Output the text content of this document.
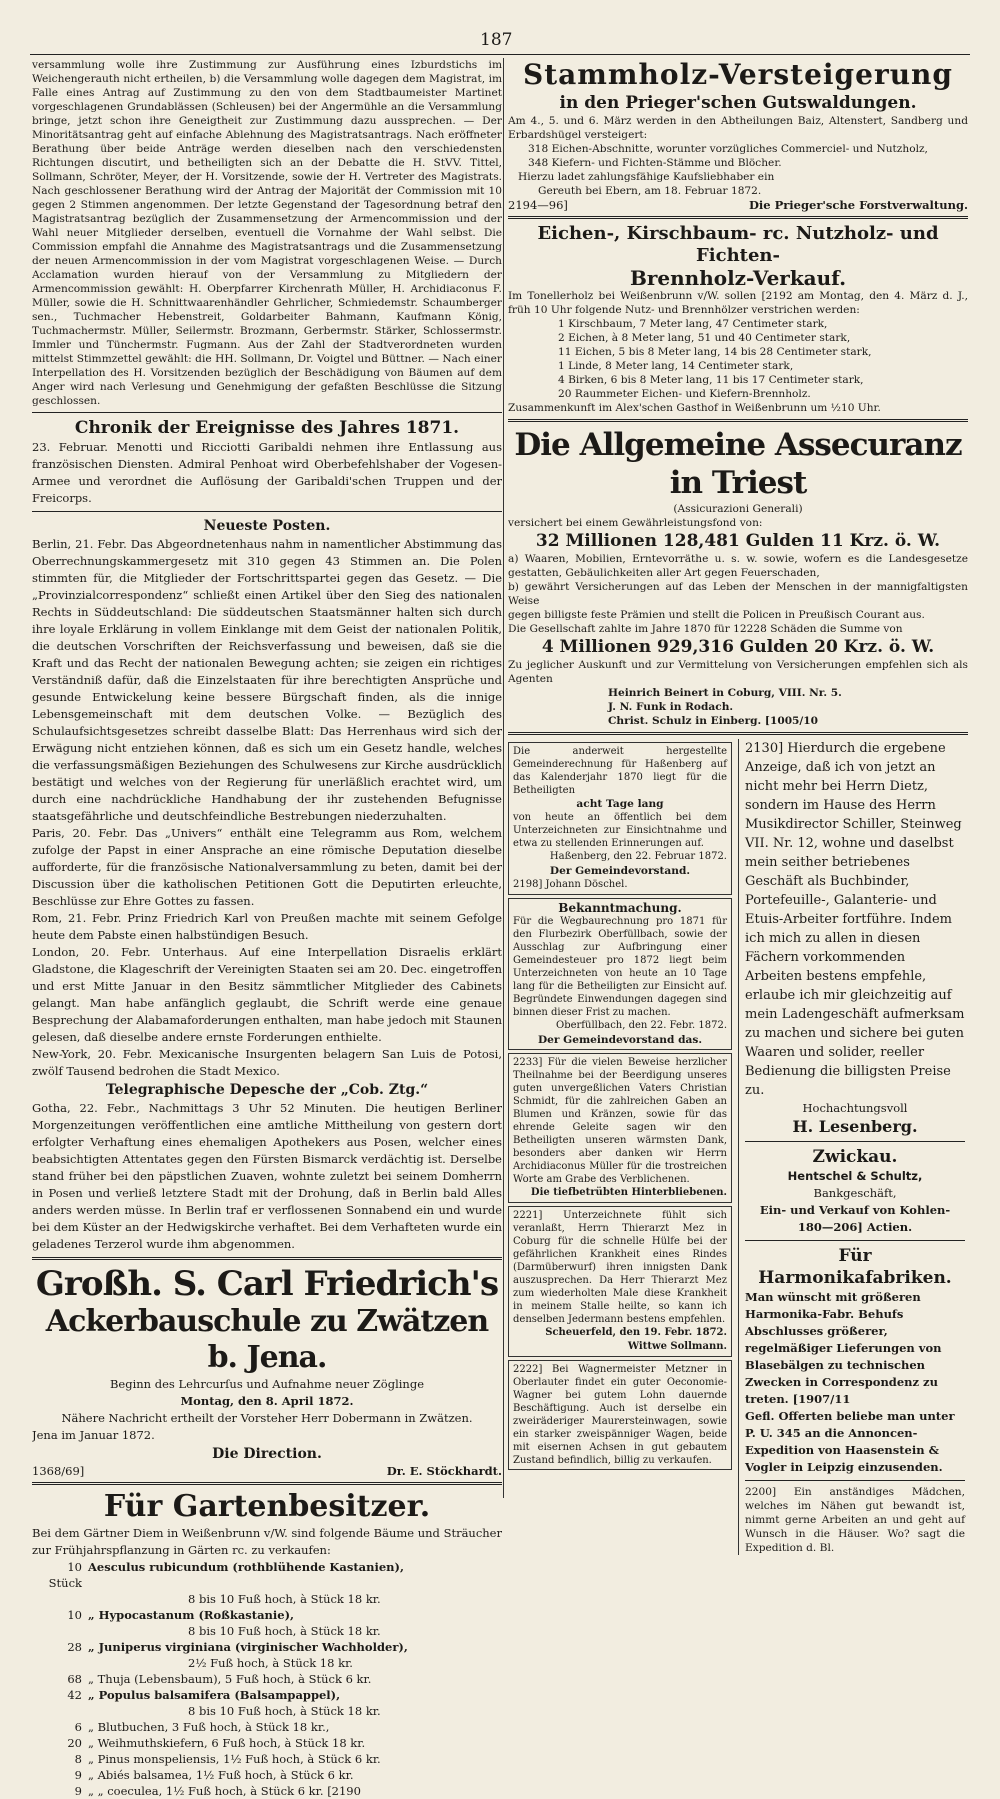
187

versammlung wolle ihre Zustimmung zur Ausführung eines Izburdstichs im Weichengerauth nicht ertheilen, b) die Versammlung wolle dagegen dem Magistrat, im Falle eines Antrag auf Zustimmung zu den von dem Stadtbaumeister Martinet vorgeschlagenen Grundablässen (Schleusen) bei der Angermühle an die Versammlung bringe, jetzt schon ihre Geneigtheit zur Zustimmung dazu aussprechen. — Der Minoritätsantrag geht auf einfache Ablehnung des Magistratsantrags. Nach eröffneter Berathung über beide Anträge werden dieselben nach den verschiedensten Richtungen discutirt, und betheiligten sich an der Debatte die H. StVV. Tittel, Sollmann, Schröter, Meyer, der H. Vorsitzende, sowie der H. Vertreter des Magistrats. Nach geschlossener Berathung wird der Antrag der Majorität der Commission mit 10 gegen 2 Stimmen angenommen. Der letzte Gegenstand der Tagesordnung betraf den Magistratsantrag bezüglich der Zusammensetzung der Armencommission und der Wahl neuer Mitglieder derselben, eventuell die Vornahme der Wahl selbst. Die Commission empfahl die Annahme des Magistratsantrags und die Zusammensetzung der neuen Armencommission in der vom Magistrat vorgeschlagenen Weise. — Durch Acclamation wurden hierauf von der Versammlung zu Mitgliedern der Armencommission gewählt: H. Oberpfarrer Kirchenrath Müller, H. Archidiaconus F. Müller, sowie die H. Schnittwaarenhändler Gehrlicher, Schmiedemstr. Schaumberger sen., Tuchmacher Hebenstreit, Goldarbeiter Bahmann, Kaufmann König, Tuchmachermstr. Müller, Seilermstr. Brozmann, Gerbermstr. Stärker, Schlossermstr. Immler und Tünchermstr. Fugmann. Aus der Zahl der Stadtverordneten wurden mittelst Stimmzettel gewählt: die HH. Sollmann, Dr. Voigtel und Büttner. — Nach einer Interpellation des H. Vorsitzenden bezüglich der Beschädigung von Bäumen auf dem Anger wird nach Verlesung und Genehmigung der gefaßten Beschlüsse die Sitzung geschlossen.

Chronik der Ereignisse des Jahres 1871.

23. Februar. Menotti und Ricciotti Garibaldi nehmen ihre Entlassung aus französischen Diensten. Admiral Penhoat wird Oberbefehlshaber der Vogesen-Armee und verordnet die Auflösung der Garibaldi'schen Truppen und der Freicorps.

Neueste Posten.

Berlin, 21. Febr. Das Abgeordnetenhaus nahm in namentlicher Abstimmung das Oberrechnungskammergesetz mit 310 gegen 43 Stimmen an. Die Polen stimmten für, die Mitglieder der Fortschrittspartei gegen das Gesetz. — Die „Provinzialcorrespondenz“ schließt einen Artikel über den Sieg des nationalen Rechts in Süddeutschland: Die süddeutschen Staatsmänner halten sich durch ihre loyale Erklärung in vollem Einklange mit dem Geist der nationalen Politik, die deutschen Vorschriften der Reichsverfassung und beweisen, daß sie die Kraft und das Recht der nationalen Bewegung achten; sie zeigen ein richtiges Verständniß dafür, daß die Einzelstaaten für ihre berechtigten Ansprüche und gesunde Entwickelung keine bessere Bürgschaft finden, als die innige Lebensgemeinschaft mit dem deutschen Volke. — Bezüglich des Schulaufsichtsgesetzes schreibt dasselbe Blatt: Das Herrenhaus wird sich der Erwägung nicht entziehen können, daß es sich um ein Gesetz handle, welches die verfassungsmäßigen Beziehungen des Schulwesens zur Kirche ausdrücklich bestätigt und welches von der Regierung für unerläßlich erachtet wird, um durch eine nachdrückliche Handhabung der ihr zustehenden Befugnisse staatsgefährliche und deutschfeindliche Bestrebungen niederzuhalten.

Paris, 20. Febr. Das „Univers“ enthält eine Telegramm aus Rom, welchem zufolge der Papst in einer Ansprache an eine römische Deputation dieselbe aufforderte, für die französische Nationalversammlung zu beten, damit bei der Discussion über die katholischen Petitionen Gott die Deputirten erleuchte, Beschlüsse zur Ehre Gottes zu fassen.

Rom, 21. Febr. Prinz Friedrich Karl von Preußen machte mit seinem Gefolge heute dem Pabste einen halbstündigen Besuch.

London, 20. Febr. Unterhaus. Auf eine Interpellation Disraelis erklärt Gladstone, die Klageschrift der Vereinigten Staaten sei am 20. Dec. eingetroffen und erst Mitte Januar in den Besitz sämmtlicher Mitglieder des Cabinets gelangt. Man habe anfänglich geglaubt, die Schrift werde eine genaue Besprechung der Alabamaforderungen enthalten, man habe jedoch mit Staunen gelesen, daß dieselbe andere ernste Forderungen enthielte.

New-York, 20. Febr. Mexicanische Insurgenten belagern San Luis de Potosi, zwölf Tausend bedrohen die Stadt Mexico.

Telegraphische Depesche der „Cob. Ztg.“

Gotha, 22. Febr., Nachmittags 3 Uhr 52 Minuten. Die heutigen Berliner Morgenzeitungen veröffentlichen eine amtliche Mittheilung von gestern dort erfolgter Verhaftung eines ehemaligen Apothekers aus Posen, welcher eines beabsichtigten Attentates gegen den Fürsten Bismarck verdächtig ist. Derselbe stand früher bei den päpstlichen Zuaven, wohnte zuletzt bei seinem Domherrn in Posen und verließ letztere Stadt mit der Drohung, daß in Berlin bald Alles anders werden müsse. In Berlin traf er verflossenen Sonnabend ein und wurde bei dem Küster an der Hedwigskirche verhaftet. Bei dem Verhafteten wurde ein geladenes Terzerol wurde ihm abgenommen.

Großh. S. Carl Friedrich's
Ackerbauschule zu Zwätzen b. Jena.

Beginn des Lehrcurſus und Aufnahme neuer Zöglinge

Montag, den 8. April 1872.

Nähere Nachricht ertheilt der Vorsteher Herr Dobermann in Zwätzen.

Jena im Januar 1872.

Die Direction.

1368/69]	Dr. E. Stöckhardt.
Für Gartenbesitzer.

Bei dem Gärtner Diem in Weißenbrunn v/W. sind folgende Bäume und Sträucher zur Frühjahrspflanzung in Gärten rc. zu verkaufen:

10 Stück
Aesculus rubicundum (rothblühende Kastanien),
8 bis 10 Fuß hoch, à Stück 18 kr.
10 „ Hypocastanum (Roßkastanie),
8 bis 10 Fuß hoch, à Stück 18 kr.
28 „ Juniperus virginiana (virginischer Wachholder),
2½ Fuß hoch, à Stück 18 kr.
68 „ Thuja (Lebensbaum), 5 Fuß hoch, à Stück 6 kr.
42 „ Populus balsamifera (Balsampappel),
8 bis 10 Fuß hoch, à Stück 18 kr.
6 „ Blutbuchen, 3 Fuß hoch, à Stück 18 kr.,
20 „ Weihmuthskiefern, 6 Fuß hoch, à Stück 18 kr.
8 „ Pinus monspeliensis, 1½ Fuß hoch, à Stück 6 kr.
9 „ Abiés balsamea, 1½ Fuß hoch, à Stück 6 kr.
9 „ „ coeculea, 1½ Fuß hoch, à Stück 6 kr. [2190
Stammholz-Versteigerung
in den Prieger'schen Gutswaldungen.

Am 4., 5. und 6. März werden in den Abtheilungen Baiz, Altenstert, Sandberg und Erbardshügel versteigert:

318 Eichen-Abschnitte, worunter vorzügliches Commerciel- und Nutzholz,

348 Kiefern- und Fichten-Stämme und Blöcher.

Hierzu ladet zahlungsfähige Kaufsliebhaber ein

Gereuth bei Ebern, am 18. Februar 1872.

2194—96]	Die Prieger'sche Forstverwaltung.
Eichen-, Kirschbaum- rc. Nutzholz- und Fichten-
Brennholz-Verkauf.

Im Tonellerholz bei Weißenbrunn v/W. sollen [2192 am Montag, den 4. März d. J., früh 10 Uhr folgende Nutz- und Brennhölzer verstrichen werden:

1 Kirschbaum, 7 Meter lang, 47 Centimeter stark,

2 Eichen, à 8 Meter lang, 51 und 40 Centimeter stark,

11 Eichen, 5 bis 8 Meter lang, 14 bis 28 Centimeter stark,

1 Linde, 8 Meter lang, 14 Centimeter stark,

4 Birken, 6 bis 8 Meter lang, 11 bis 17 Centimeter stark,

20 Raummeter Eichen- und Kiefern-Brennholz.

Zusammenkunft im Alex'schen Gasthof in Weißenbrunn um ½10 Uhr.

Die Allgemeine Assecuranz in Triest

(Assicurazioni Generali)

versichert bei einem Gewährleistungsfond von:

32 Millionen 128,481 Gulden 11 Krz. ö. W.

a) Waaren, Mobilien, Erntevorräthe u. s. w. sowie, wofern es die Landesgesetze gestatten, Gebäulichkeiten aller Art gegen Feuerschaden,

b) gewährt Versicherungen auf das Leben der Menschen in der mannigfaltigsten Weise

gegen billigste feste Prämien und stellt die Policen in Preußisch Courant aus.

Die Gesellschaft zahlte im Jahre 1870 für 12228 Schäden die Summe von

4 Millionen 929,316 Gulden 20 Krz. ö. W.

Zu jeglicher Auskunft und zur Vermittelung von Versicherungen empfehlen sich als Agenten

Heinrich Beinert in Coburg, VIII. Nr. 5.

J. N. Funk in Rodach.

Christ. Schulz in Einberg. [1005/10

Die anderweit hergestellte Gemeinderechnung für Haßenberg auf das Kalenderjahr 1870 liegt für die Betheiligten

acht Tage lang

von heute an öffentlich bei dem Unterzeichneten zur Einsichtnahme und etwa zu stellenden Erinnerungen auf.

Haßenberg, den 22. Februar 1872.

Der Gemeindevorstand.

2198] Johann Döschel.

Bekanntmachung.

Für die Wegbaurechnung pro 1871 für den Flurbezirk Oberfüllbach, sowie der Ausschlag zur Aufbringung einer Gemeindesteuer pro 1872 liegt beim Unterzeichneten von heute an 10 Tage lang für die Betheiligten zur Einsicht auf. Begründete Einwendungen dagegen sind binnen dieser Frist zu machen.

Oberfüllbach, den 22. Febr. 1872.

Der Gemeindevorstand das.

2233] Für die vielen Beweise herzlicher Theilnahme bei der Beerdigung unseres guten unvergeßlichen Vaters Christian Schmidt, für die zahlreichen Gaben an Blumen und Kränzen, sowie für das ehrende Geleite sagen wir den Betheiligten unseren wärmsten Dank, besonders aber danken wir Herrn Archidiaconus Müller für die trostreichen Worte am Grabe des Verblichenen.

Die tiefbetrübten Hinterbliebenen.

2221] Unterzeichnete fühlt sich veranlaßt, Herrn Thierarzt Mez in Coburg für die schnelle Hülfe bei der gefährlichen Krankheit eines Rindes (Darmüberwurf) ihren innigsten Dank auszusprechen. Da Herr Thierarzt Mez zum wiederholten Male diese Krankheit in meinem Stalle heilte, so kann ich denselben Jedermann bestens empfehlen.

Scheuerfeld, den 19. Febr. 1872. Wittwe Sollmann.

2222] Bei Wagnermeister Metzner in Oberlauter findet ein guter Oeconomie-Wagner bei gutem Lohn dauernde Beschäftigung. Auch ist derselbe ein zweiräderiger Maurersteinwagen, sowie ein starker zweispänniger Wagen, beide mit eisernen Achsen in gut gebautem Zustand befindlich, billig zu verkaufen.

2130] Hierdurch die ergebene Anzeige, daß ich von jetzt an nicht mehr bei Herrn Dietz, sondern im Hause des Herrn Musikdirector Schiller, Steinweg VII. Nr. 12, wohne und daselbst mein seither betriebenes Geschäft als Buchbinder, Portefeuille-, Galanterie- und Etuis-Arbeiter fortführe. Indem ich mich zu allen in diesen Fächern vorkommenden Arbeiten bestens empfehle, erlaube ich mir gleichzeitig auf mein Ladengeschäft aufmerksam zu machen und sichere bei guten Waaren und solider, reeller Bedienung die billigsten Preise zu.

Hochachtungsvoll

H. Lesenberg.

Zwickau.

Hentschel & Schultz,

Bankgeschäft,

Ein- und Verkauf von Kohlen-

180—206] Actien.

Für Harmonikafabriken.

Man wünscht mit größeren Harmonika-Fabr. Behufs Abschlusses größerer, regelmäßiger Lieferungen von Blasebälgen zu technischen Zwecken in Correspondenz zu treten. [1907/11

Gefl. Offerten beliebe man unter P. U. 345 an die Annoncen-Expedition von Haasenstein & Vogler in Leipzig einzusenden.

2200] Ein anständiges Mädchen, welches im Nähen gut bewandt ist, nimmt gerne Arbeiten an und geht auf Wunsch in die Häuser. Wo? sagt die Expedition d. Bl.
